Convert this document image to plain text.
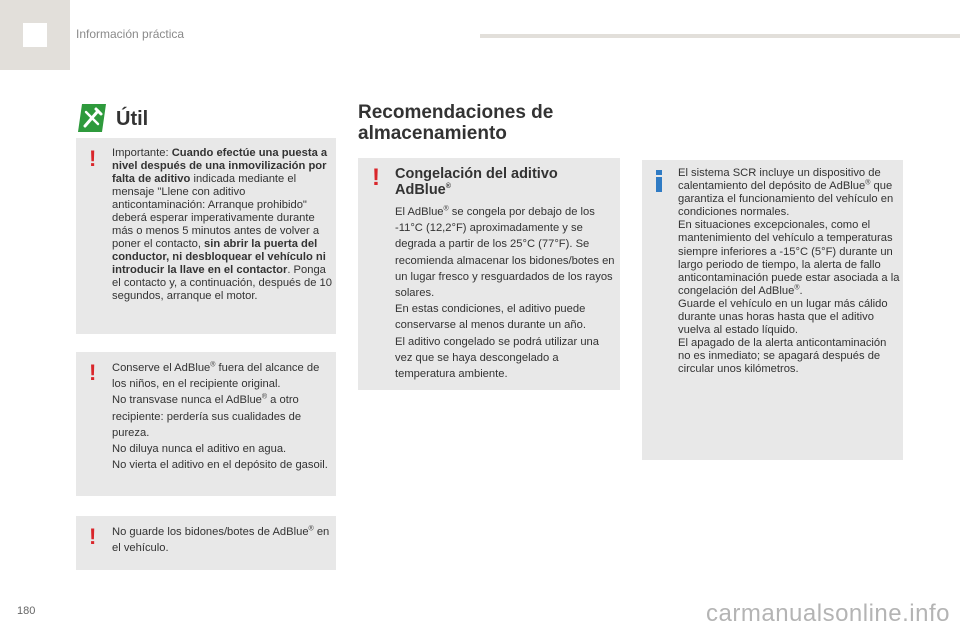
Información práctica
Útil
! Importante: Cuando efectúe una puesta a nivel después de una inmovilización por falta de aditivo indicada mediante el mensaje "Llene con aditivo anticontaminación: Arranque prohibido" deberá esperar imperativamente durante más o menos 5 minutos antes de volver a poner el contacto, sin abrir la puerta del conductor, ni desbloquear el vehículo ni introducir la llave en el contactor. Ponga el contacto y, a continuación, después de 10 segundos, arranque el motor.
! Conserve el AdBlue® fuera del alcance de los niños, en el recipiente original.
No transvase nunca el AdBlue® a otro recipiente: perdería sus cualidades de pureza.
No diluya nunca el aditivo en agua.
No vierta el aditivo en el depósito de gasoil.
! No guarde los bidones/botes de AdBlue® en el vehículo.
Recomendaciones de
almacenamiento
! Congelación del aditivo
AdBlue®
El AdBlue® se congela por debajo de los -11°C (12,2°F) aproximadamente y se degrada a partir de los 25°C (77°F). Se recomienda almacenar los bidones/botes en un lugar fresco y resguardados de los rayos solares.
En estas condiciones, el aditivo puede conservarse al menos durante un año.
El aditivo congelado se podrá utilizar una vez que se haya descongelado a temperatura ambiente.
El sistema SCR incluye un dispositivo de calentamiento del depósito de AdBlue® que garantiza el funcionamiento del vehículo en condiciones normales.
En situaciones excepcionales, como el mantenimiento del vehículo a temperaturas siempre inferiores a -15°C (5°F) durante un largo periodo de tiempo, la alerta de fallo anticontaminación puede estar asociada a la congelación del AdBlue®.
Guarde el vehículo en un lugar más cálido durante unas horas hasta que el aditivo vuelva al estado líquido.
El apagado de la alerta anticontaminación no es inmediato; se apagará después de circular unos kilómetros.
180	carmanualsonline.info
